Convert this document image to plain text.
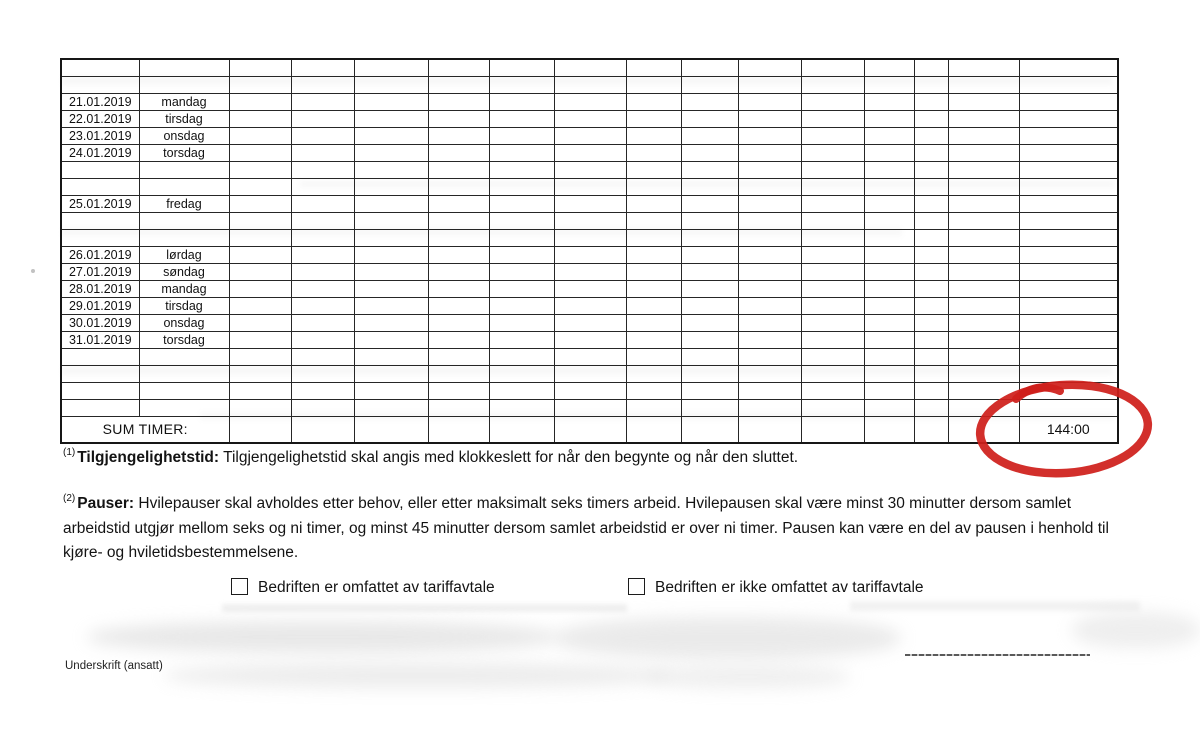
21.01.2019	mandag														
22.01.2019	tirsdag														
23.01.2019	onsdag														
24.01.2019	torsdag														

25.01.2019	fredag														

26.01.2019	lørdag														
27.01.2019	søndag														
28.01.2019	mandag														
29.01.2019	tirsdag														
30.01.2019	onsdag														
31.01.2019	torsdag														

SUM TIMER:															144:00
$^{(1)}$ Tilgjengelighetstid: Tilgjengelighetstid skal angis med klokkeslett for når den begynte og når den sluttet.
$^{(2)}$ Pauser: Hvilepauser skal avholdes etter behov, eller etter maksimalt seks timers arbeid. Hvilepausen skal være minst 30 minutter dersom samlet arbeidstid utgjør mellom seks og ni timer, og minst 45 minutter dersom samlet arbeidstid er over ni timer. Pausen kan være en del av pausen i henhold til kjøre- og hviletidsbestemmelsene.
Bedriften er omfattet av tariffavtale	Bedriften er ikke omfattet av tariffavtale
Underskrift (ansatt)
